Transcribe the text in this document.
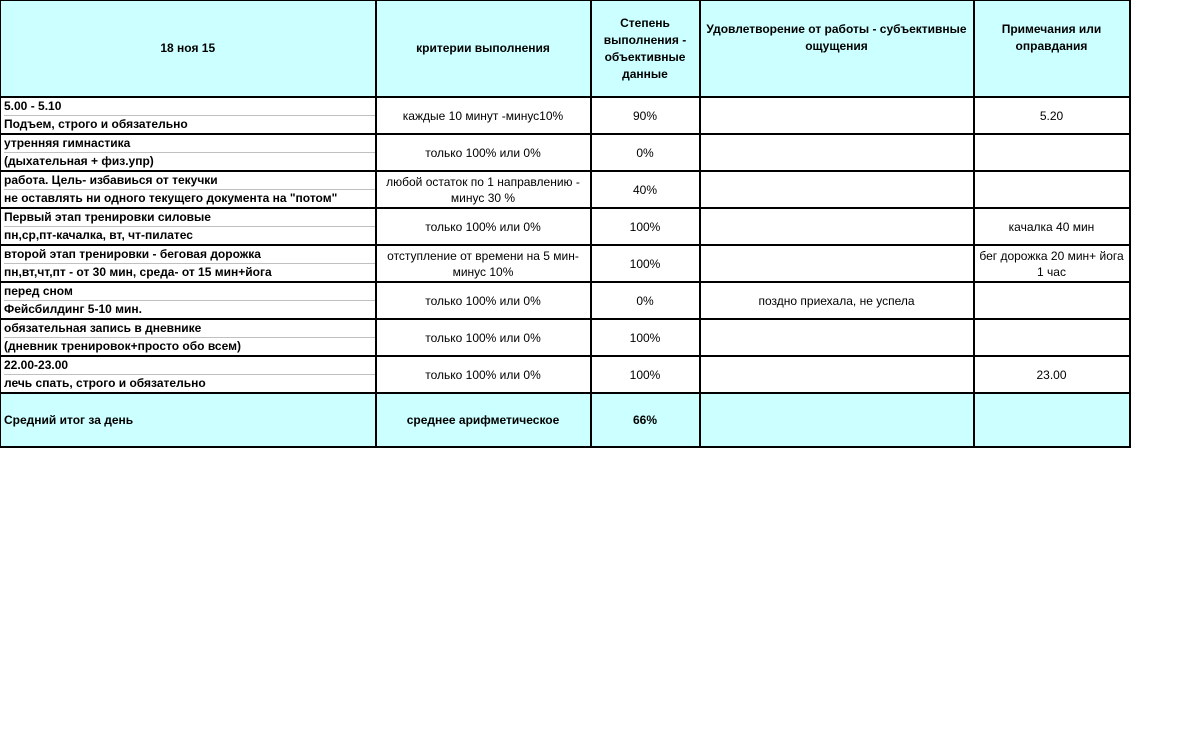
18 ноя 15	критерии выполнения	Степень выполнения - объективные данные	Удовлетворение от работы - субъективные ощущения	Примечания или оправдания

5.00 - 5.10
Подъем, строго и обязательно	каждые 10 минут -минус10%	90%		5.20

утренняя гимнастика
(дыхательная + физ.упр)	только 100% или 0%	0%		

работа. Цель- избавиься от текучки
не оставлять ни одного текущего документа на "потом"	любой остаток по 1 направлению - минус 30 %	40%		

Первый этап тренировки силовые
пн,ср,пт-качалка, вт, чт-пилатес	только 100% или 0%	100%		качалка 40 мин

второй этап тренировки - беговая дорожка
пн,вт,чт,пт - от 30 мин, среда- от 15 мин+йога	отступление от времени на 5 мин- минус 10%	100%		бег дорожка 20 мин+ йога 1 час

перед сном
Фейсбилдинг 5-10 мин.	только 100% или 0%	0%	поздно приехала, не успела	

обязательная запись в дневнике
(дневник тренировок+просто обо всем)	только 100% или 0%	100%		

22.00-23.00
лечь спать, строго и обязательно	только 100% или 0%	100%		23.00
Средний итог за день	среднее арифметическое	66%		
